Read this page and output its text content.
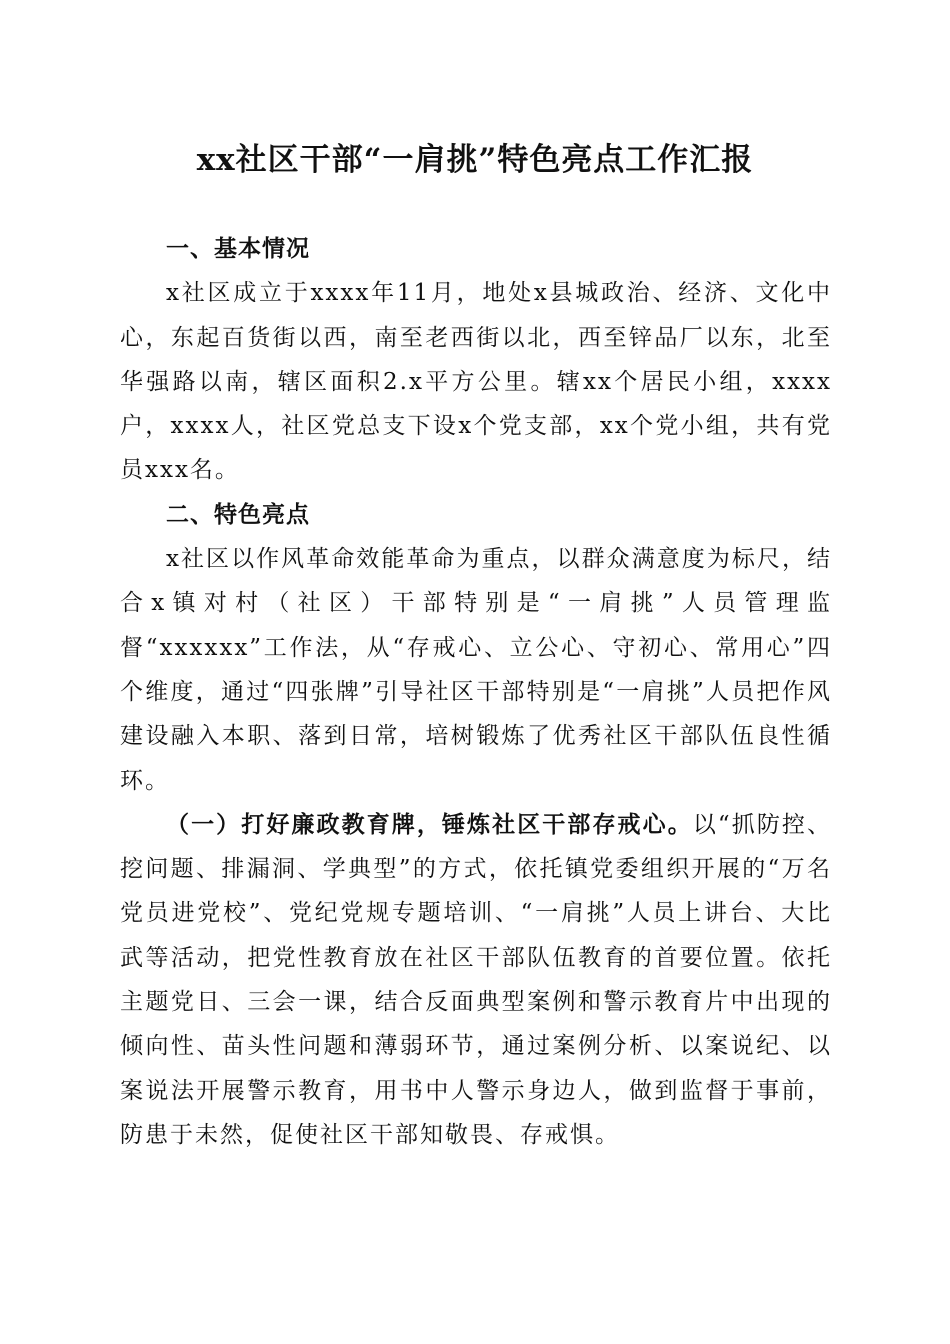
xx社区干部“一肩挑”特色亮点工作汇报

一、基本情况

x社区成立于xxxx年11月，地处x县城政治、经济、文化中心，东起百货街以西，南至老西街以北，西至锌品厂以东，北至华强路以南，辖区面积2.x平方公里。辖xx个居民小组，xxxx户，xxxx人，社区党总支下设x个党支部，xx个党小组，共有党员xxx名。

二、特色亮点

x社区以作风革命效能革命为重点，以群众满意度为标尺，结合x镇对村（社区）干部特别是“一肩挑”人员管理监督“xxxxxx”工作法，从“存戒心、立公心、守初心、常用心”四个维度，通过“四张牌”引导社区干部特别是“一肩挑”人员把作风建设融入本职、落到日常，培树锻炼了优秀社区干部队伍良性循环。

（一）打好廉政教育牌，锤炼社区干部存戒心。以“抓防控、挖问题、排漏洞、学典型”的方式，依托镇党委组织开展的“万名党员进党校”、党纪党规专题培训、“一肩挑”人员上讲台、大比武等活动，把党性教育放在社区干部队伍教育的首要位置。依托主题党日、三会一课，结合反面典型案例和警示教育片中出现的倾向性、苗头性问题和薄弱环节，通过案例分析、以案说纪、以案说法开展警示教育，用书中人警示身边人，做到监督于事前，防患于未然，促使社区干部知敬畏、存戒惧。
